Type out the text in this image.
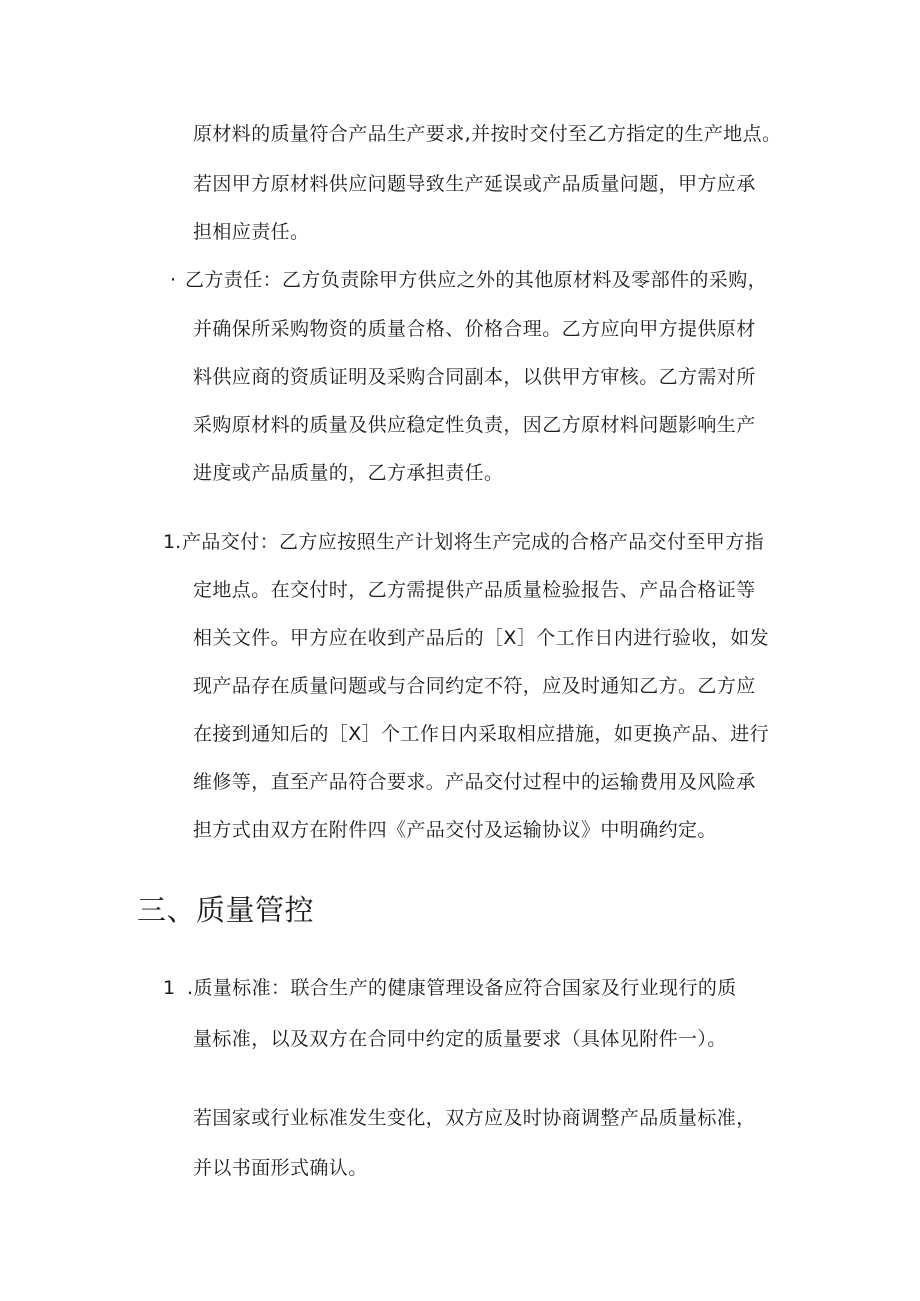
原材料的质量符合产品生产要求,并按时交付至乙方指定的生产地点。
若因甲方原材料供应问题导致生产延误或产品质量问题，甲方应承
担相应责任。
· 乙方责任：乙方负责除甲方供应之外的其他原材料及零部件的采购，
并确保所采购物资的质量合格、价格合理。乙方应向甲方提供原材
料供应商的资质证明及采购合同副本，以供甲方审核。乙方需对所
采购原材料的质量及供应稳定性负责，因乙方原材料问题影响生产
进度或产品质量的，乙方承担责任。
1. 产品交付：乙方应按照生产计划将生产完成的合格产品交付至甲方指
定地点。在交付时，乙方需提供产品质量检验报告、产品合格证等
相关文件。甲方应在收到产品后的［X］个工作日内进行验收，如发
现产品存在质量问题或与合同约定不符，应及时通知乙方。乙方应
在接到通知后的［X］个工作日内采取相应措施，如更换产品、进行
维修等，直至产品符合要求。产品交付过程中的运输费用及风险承
担方式由双方在附件四《产品交付及运输协议》中明确约定。
三、质量管控
1 .质量标准：联合生产的健康管理设备应符合国家及行业现行的质
量标准，以及双方在合同中约定的质量要求（具体见附件一）。
若国家或行业标准发生变化，双方应及时协商调整产品质量标准，
并以书面形式确认。
